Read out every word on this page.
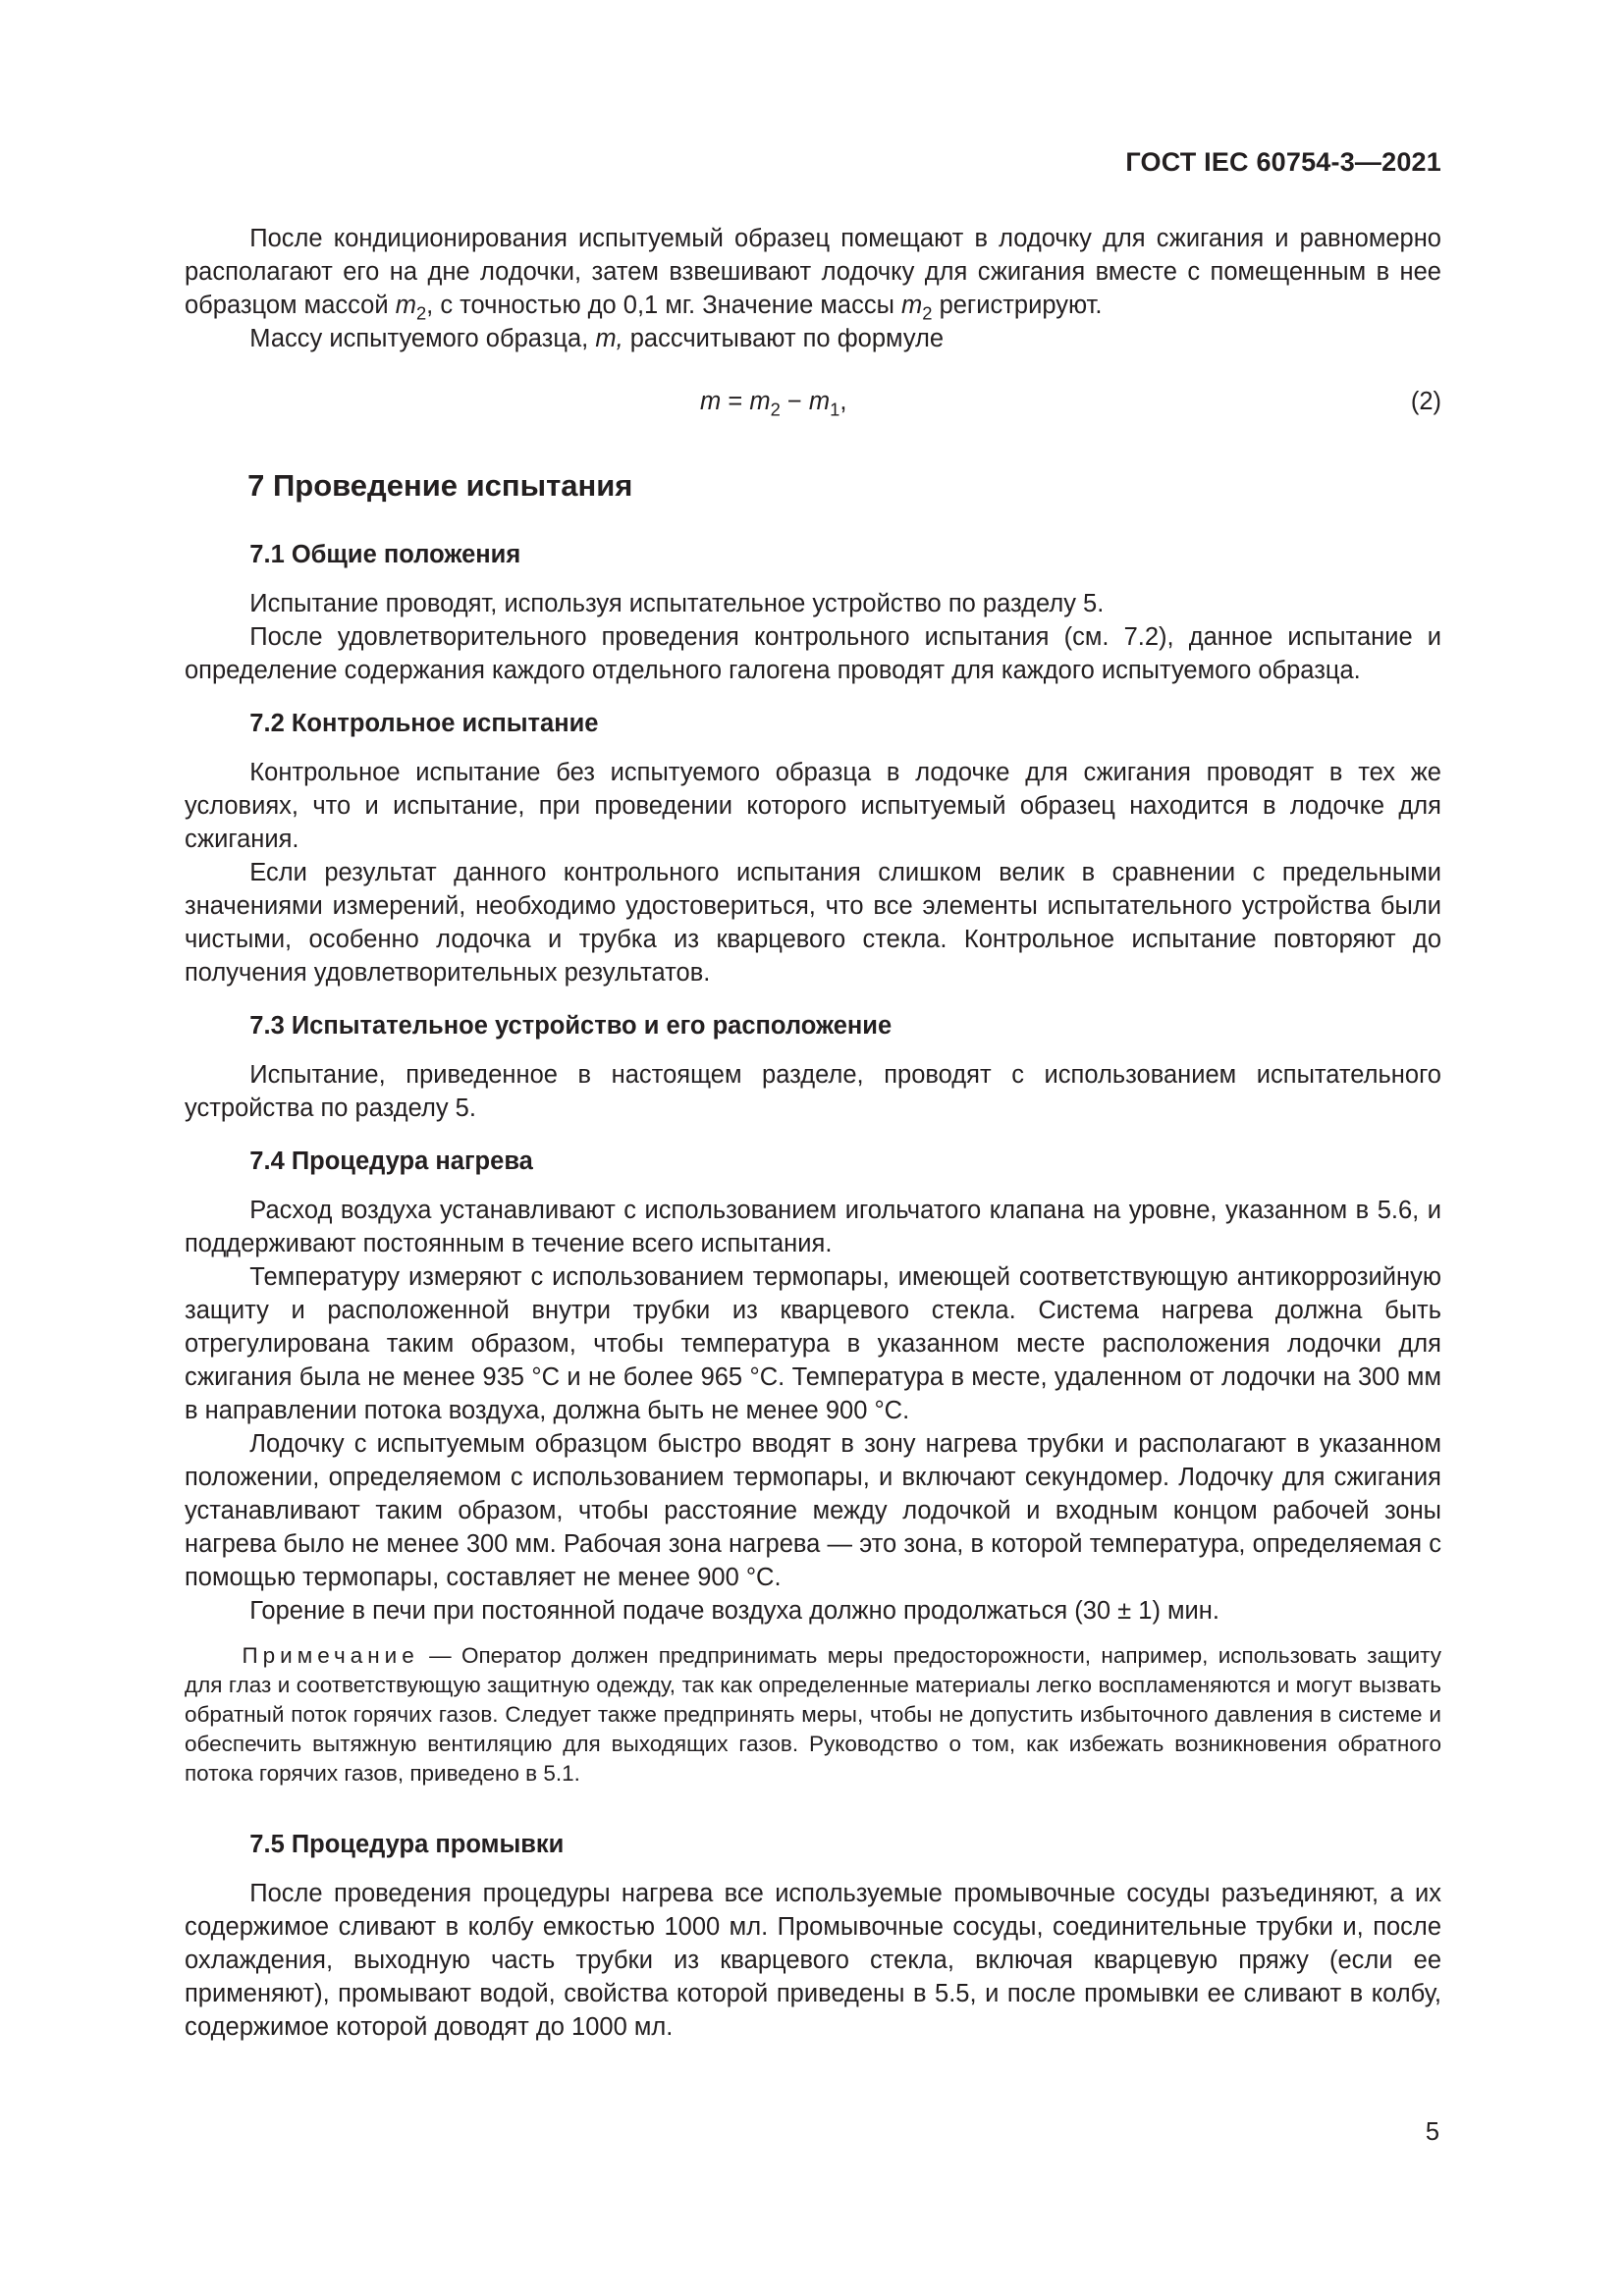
ГОСТ IEC 60754-3—2021

После кондиционирования испытуемый образец помещают в лодочку для сжигания и равномерно располагают его на дне лодочки, затем взвешивают лодочку для сжигания вместе с помещенным в нее образцом массой $m_2$, с точностью до 0,1 мг. Значение массы $m_2$ регистрируют.

Массу испытуемого образца, m, рассчитывают по формуле

$m = m_2 - m_1$,	(2)
7 Проведение испытания
7.1 Общие положения

Испытание проводят, используя испытательное устройство по разделу 5.

После удовлетворительного проведения контрольного испытания (см. 7.2), данное испытание и определение содержания каждого отдельного галогена проводят для каждого испытуемого образца.

7.2 Контрольное испытание

Контрольное испытание без испытуемого образца в лодочке для сжигания проводят в тех же условиях, что и испытание, при проведении которого испытуемый образец находится в лодочке для сжигания.

Если результат данного контрольного испытания слишком велик в сравнении с предельными значениями измерений, необходимо удостовериться, что все элементы испытательного устройства были чистыми, особенно лодочка и трубка из кварцевого стекла. Контрольное испытание повторяют до получения удовлетворительных результатов.

7.3 Испытательное устройство и его расположение

Испытание, приведенное в настоящем разделе, проводят с использованием испытательного устройства по разделу 5.

7.4 Процедура нагрева

Расход воздуха устанавливают с использованием игольчатого клапана на уровне, указанном в 5.6, и поддерживают постоянным в течение всего испытания.

Температуру измеряют с использованием термопары, имеющей соответствующую антикоррозийную защиту и расположенной внутри трубки из кварцевого стекла. Система нагрева должна быть отрегулирована таким образом, чтобы температура в указанном месте расположения лодочки для сжигания была не менее 935 °C и не более 965 °C. Температура в месте, удаленном от лодочки на 300 мм в направлении потока воздуха, должна быть не менее 900 °C.

Лодочку с испытуемым образцом быстро вводят в зону нагрева трубки и располагают в указанном положении, определяемом с использованием термопары, и включают секундомер. Лодочку для сжигания устанавливают таким образом, чтобы расстояние между лодочкой и входным концом рабочей зоны нагрева было не менее 300 мм. Рабочая зона нагрева — это зона, в которой температура, определяемая с помощью термопары, составляет не менее 900 °C.

Горение в печи при постоянной подаче воздуха должно продолжаться (30 ± 1) мин.

Примечание — Оператор должен предпринимать меры предосторожности, например, использовать защиту для глаз и соответствующую защитную одежду, так как определенные материалы легко воспламеняются и могут вызвать обратный поток горячих газов. Следует также предпринять меры, чтобы не допустить избыточного давления в системе и обеспечить вытяжную вентиляцию для выходящих газов. Руководство о том, как избежать возникновения обратного потока горячих газов, приведено в 5.1.
7.5 Процедура промывки

После проведения процедуры нагрева все используемые промывочные сосуды разъединяют, а их содержимое сливают в колбу емкостью 1000 мл. Промывочные сосуды, соединительные трубки и, после охлаждения, выходную часть трубки из кварцевого стекла, включая кварцевую пряжу (если ее применяют), промывают водой, свойства которой приведены в 5.5, и после промывки ее сливают в колбу, содержимое которой доводят до 1000 мл.

5
